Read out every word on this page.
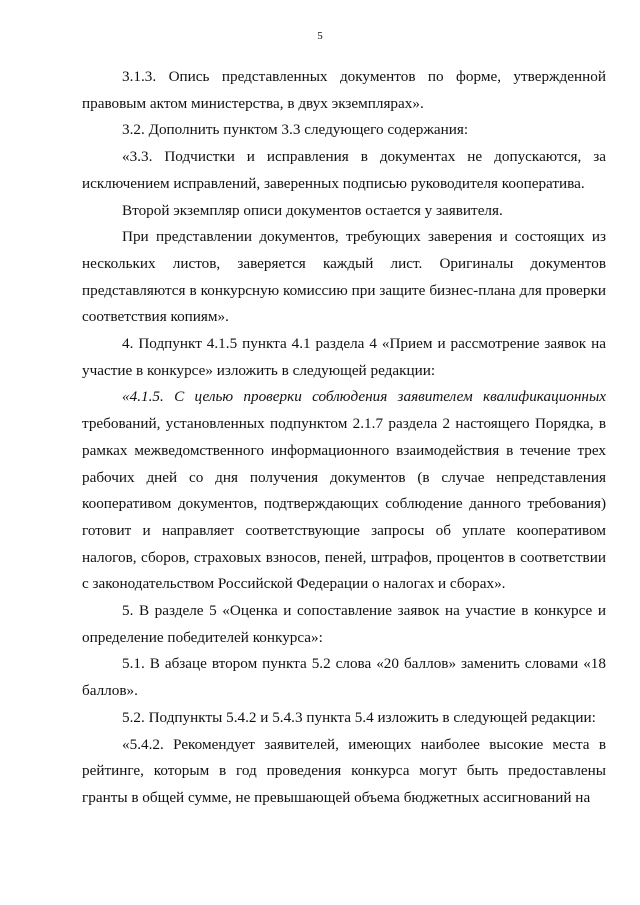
5

3.1.3. Опись представленных документов по форме, утвержденной правовым актом министерства, в двух экземплярах».

3.2. Дополнить пунктом 3.3 следующего содержания:

«3.3. Подчистки и исправления в документах не допускаются, за исключением исправлений, заверенных подписью руководителя кооператива.

Второй экземпляр описи документов остается у заявителя.

При представлении документов, требующих заверения и состоящих из нескольких листов, заверяется каждый лист. Оригиналы документов представляются в конкурсную комиссию при защите бизнес-плана для проверки соответствия копиям».

4. Подпункт 4.1.5 пункта 4.1 раздела 4 «Прием и рассмотрение заявок на участие в конкурсе» изложить в следующей редакции:

«4.1.5. С целью проверки соблюдения заявителем квалификационных требований, установленных подпунктом 2.1.7 раздела 2 настоящего Порядка, в рамках межведомственного информационного взаимодействия в течение трех рабочих дней со дня получения документов (в случае непредставления кооперативом документов, подтверждающих соблюдение данного требования) готовит и направляет соответствующие запросы об уплате кооперативом налогов, сборов, страховых взносов, пеней, штрафов, процентов в соответствии с законодательством Российской Федерации о налогах и сборах».

5. В разделе 5 «Оценка и сопоставление заявок на участие в конкурсе и определение победителей конкурса»:

5.1. В абзаце втором пункта 5.2 слова «20 баллов» заменить словами «18 баллов».

5.2. Подпункты 5.4.2 и 5.4.3 пункта 5.4 изложить в следующей редакции:

«5.4.2. Рекомендует заявителей, имеющих наиболее высокие места в рейтинге, которым в год проведения конкурса могут быть предоставлены гранты в общей сумме, не превышающей объема бюджетных ассигнований на
